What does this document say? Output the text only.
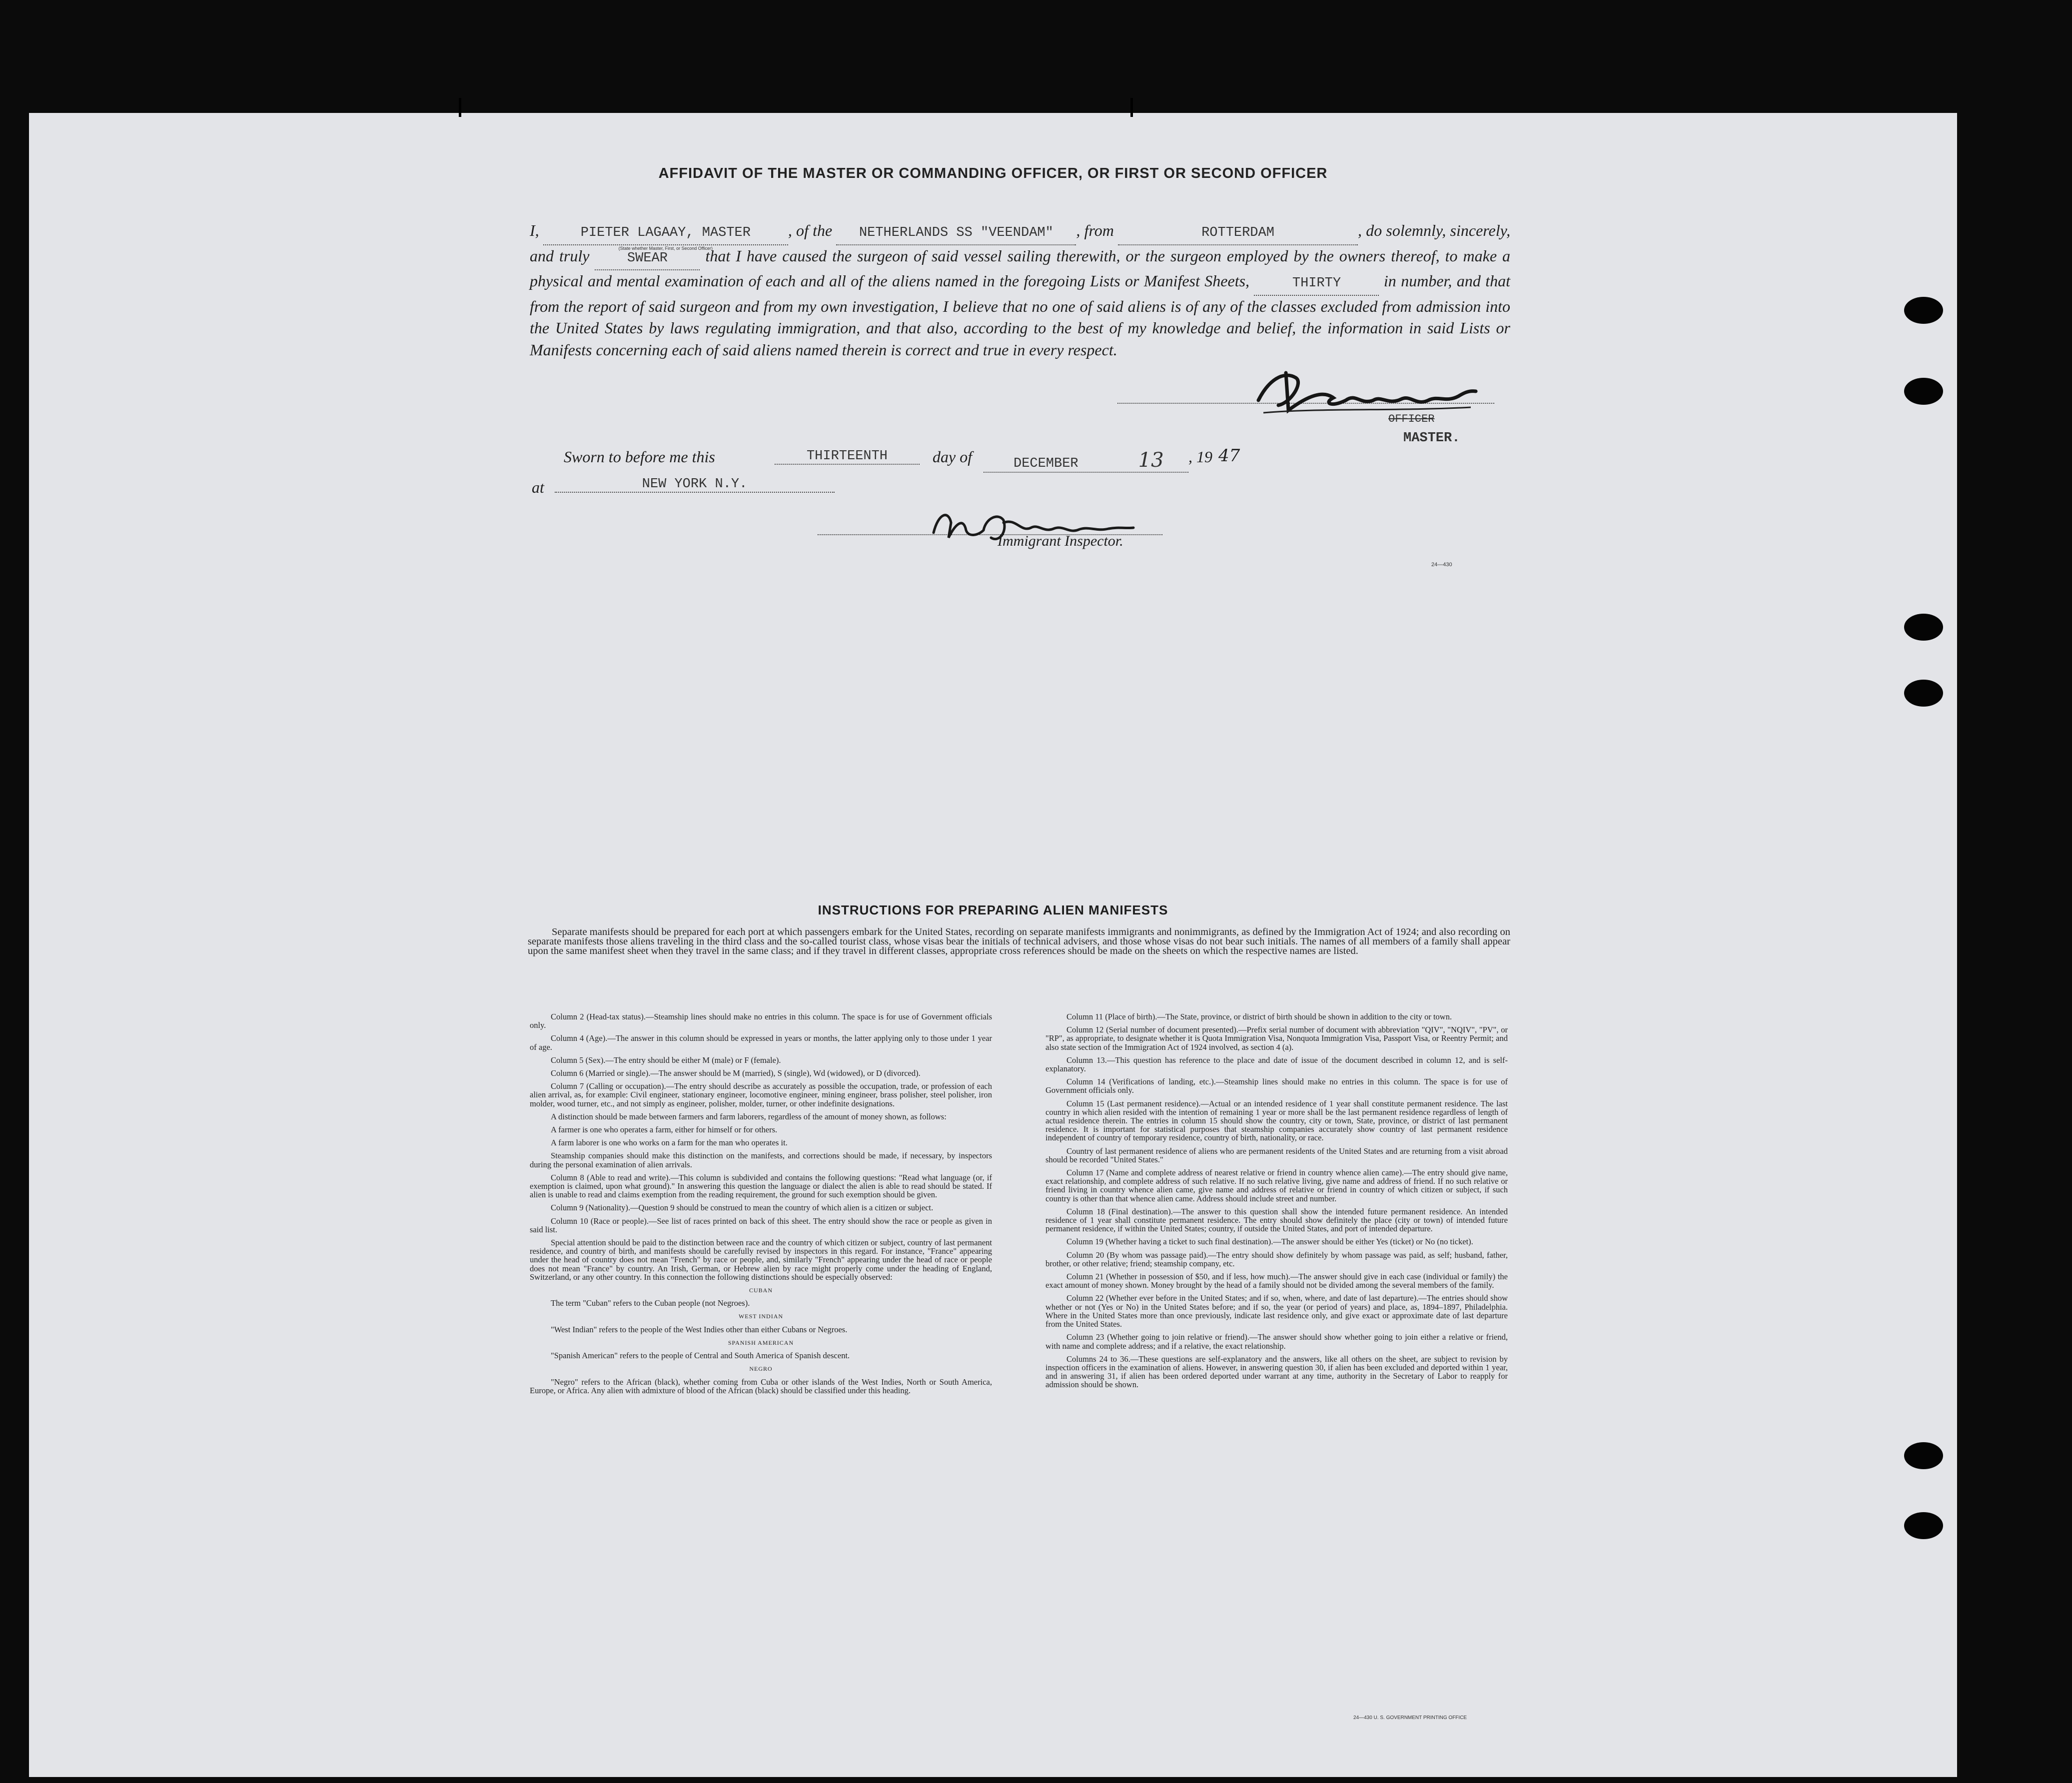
AFFIDAVIT OF THE MASTER OR COMMANDING OFFICER, OR FIRST OR SECOND OFFICER
I,	PIETER LAGAAY, MASTER
(State whether Master, First, or Second Officer)
, of the NETHERLANDS SS "VEENDAM" , from	ROTTERDAM	, do solemnly, sincerely, and truly	SWEAR that I have caused the surgeon of said vessel sailing therewith, or the surgeon employed by the owners thereof, to make a physical and mental examination of each and all of the aliens named in the foregoing Lists or Manifest Sheets,	THIRTY	in number, and that from the report of said surgeon and from my own investigation, I believe that no one of said aliens is of any of the classes excluded from admission into the United States by laws regulating immigration, and that also, according to the best of my knowledge and belief, the information in said Lists or Manifests concerning each of said aliens named therein is correct and true in every respect.
OFFICER
MASTER.
Sworn to before me this	THIRTEENTH	day of	DECEMBER	13	, 19 47
at	NEW YORK N.Y.
Immigrant Inspector.
24—430
INSTRUCTIONS FOR PREPARING ALIEN MANIFESTS
Separate manifests should be prepared for each port at which passengers embark for the United States, recording on separate manifests immigrants and nonimmigrants, as defined by the Immigration Act of 1924; and also recording on separate manifests those aliens traveling in the third class and the so-called tourist class, whose visas bear the initials of technical advisers, and those whose visas do not bear such initials. The names of all members of a family shall appear upon the same manifest sheet when they travel in the same class; and if they travel in different classes, appropriate cross references should be made on the sheets on which the respective names are listed.

Column 2 (Head-tax status).—Steamship lines should make no entries in this column. The space is for use of Government officials only.

Column 4 (Age).—The answer in this column should be expressed in years or months, the latter applying only to those under 1 year of age.

Column 5 (Sex).—The entry should be either M (male) or F (female).

Column 6 (Married or single).—The answer should be M (married), S (single), Wd (widowed), or D (divorced).

Column 7 (Calling or occupation).—The entry should describe as accurately as possible the occupation, trade, or profession of each alien arrival, as, for example: Civil engineer, stationary engineer, locomotive engineer, mining engineer, brass polisher, steel polisher, iron molder, wood turner, etc., and not simply as engineer, polisher, molder, turner, or other indefinite designations.

A distinction should be made between farmers and farm laborers, regardless of the amount of money shown, as follows:

A farmer is one who operates a farm, either for himself or for others.

A farm laborer is one who works on a farm for the man who operates it.

Steamship companies should make this distinction on the manifests, and corrections should be made, if necessary, by inspectors during the personal examination of alien arrivals.

Column 8 (Able to read and write).—This column is subdivided and contains the following questions: "Read what language (or, if exemption is claimed, upon what ground)." In answering this question the language or dialect the alien is able to read should be stated. If alien is unable to read and claims exemption from the reading requirement, the ground for such exemption should be given.

Column 9 (Nationality).—Question 9 should be construed to mean the country of which alien is a citizen or subject.

Column 10 (Race or people).—See list of races printed on back of this sheet. The entry should show the race or people as given in said list.

Special attention should be paid to the distinction between race and the country of which citizen or subject, country of last permanent residence, and country of birth, and manifests should be carefully revised by inspectors in this regard. For instance, "France" appearing under the head of country does not mean "French" by race or people, and, similarly "French" appearing under the head of race or people does not mean "France" by country. An Irish, German, or Hebrew alien by race might properly come under the heading of England, Switzerland, or any other country. In this connection the following distinctions should be especially observed:

CUBAN

The term "Cuban" refers to the Cuban people (not Negroes).

WEST INDIAN

"West Indian" refers to the people of the West Indies other than either Cubans or Negroes.

SPANISH AMERICAN

"Spanish American" refers to the people of Central and South America of Spanish descent.

NEGRO

"Negro" refers to the African (black), whether coming from Cuba or other islands of the West Indies, North or South America, Europe, or Africa. Any alien with admixture of blood of the African (black) should be classified under this heading.

Column 11 (Place of birth).—The State, province, or district of birth should be shown in addition to the city or town.

Column 12 (Serial number of document presented).—Prefix serial number of document with abbreviation "QIV", "NQIV", "PV", or "RP", as appropriate, to designate whether it is Quota Immigration Visa, Nonquota Immigration Visa, Passport Visa, or Reentry Permit; and also state section of the Immigration Act of 1924 involved, as section 4 (a).

Column 13.—This question has reference to the place and date of issue of the document described in column 12, and is self-explanatory.

Column 14 (Verifications of landing, etc.).—Steamship lines should make no entries in this column. The space is for use of Government officials only.

Column 15 (Last permanent residence).—Actual or an intended residence of 1 year shall constitute permanent residence. The last country in which alien resided with the intention of remaining 1 year or more shall be the last permanent residence regardless of length of actual residence therein. The entries in column 15 should show the country, city or town, State, province, or district of last permanent residence. It is important for statistical purposes that steamship companies accurately show country of last permanent residence independent of country of temporary residence, country of birth, nationality, or race.

Country of last permanent residence of aliens who are permanent residents of the United States and are returning from a visit abroad should be recorded "United States."

Column 17 (Name and complete address of nearest relative or friend in country whence alien came).—The entry should give name, exact relationship, and complete address of such relative. If no such relative living, give name and address of friend. If no such relative or friend living in country whence alien came, give name and address of relative or friend in country of which citizen or subject, if such country is other than that whence alien came. Address should include street and number.

Column 18 (Final destination).—The answer to this question shall show the intended future permanent residence. An intended residence of 1 year shall constitute permanent residence. The entry should show definitely the place (city or town) of intended future permanent residence, if within the United States; country, if outside the United States, and port of intended departure.

Column 19 (Whether having a ticket to such final destination).—The answer should be either Yes (ticket) or No (no ticket).

Column 20 (By whom was passage paid).—The entry should show definitely by whom passage was paid, as self; husband, father, brother, or other relative; friend; steamship company, etc.

Column 21 (Whether in possession of $50, and if less, how much).—The answer should give in each case (individual or family) the exact amount of money shown. Money brought by the head of a family should not be divided among the several members of the family.

Column 22 (Whether ever before in the United States; and if so, when, where, and date of last departure).—The entries should show whether or not (Yes or No) in the United States before; and if so, the year (or period of years) and place, as, 1894–1897, Philadelphia. Where in the United States more than once previously, indicate last residence only, and give exact or approximate date of last departure from the United States.

Column 23 (Whether going to join relative or friend).—The answer should show whether going to join either a relative or friend, with name and complete address; and if a relative, the exact relationship.

Columns 24 to 36.—These questions are self-explanatory and the answers, like all others on the sheet, are subject to revision by inspection officers in the examination of aliens. However, in answering question 30, if alien has been excluded and deported within 1 year, and in answering 31, if alien has been ordered deported under warrant at any time, authority in the Secretary of Labor to reapply for admission should be shown.

24—430 U. S. GOVERNMENT PRINTING OFFICE
